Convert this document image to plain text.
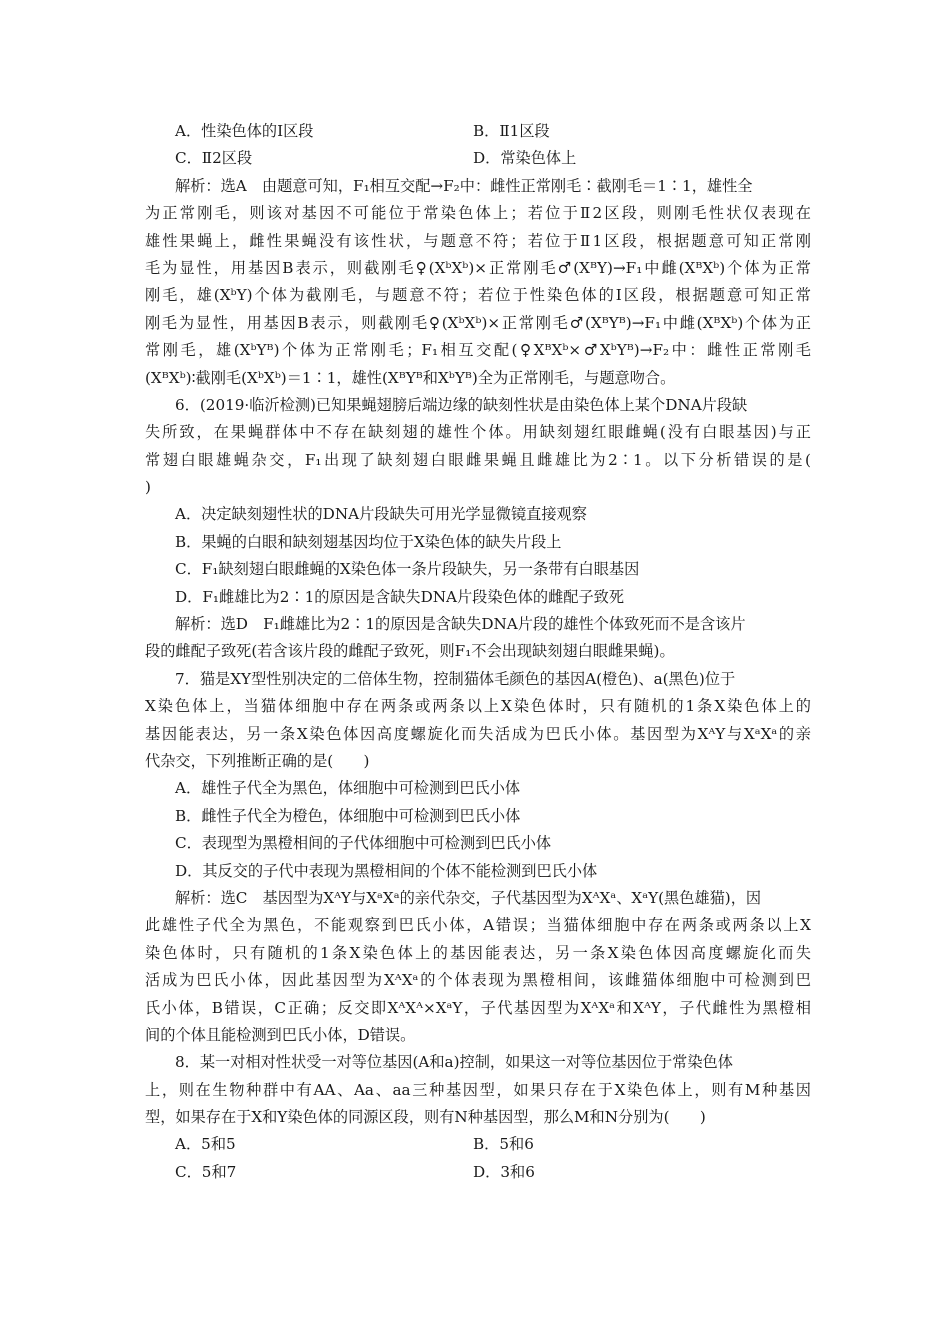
A．性染色体的Ⅰ区段	B．Ⅱ1区段
C．Ⅱ2区段	D．常染色体上
解析：选A　由题意可知，F₁相互交配→F₂中：雌性正常刚毛∶截刚毛＝1∶1，雄性全
为正常刚毛，则该对基因不可能位于常染色体上；若位于Ⅱ2区段，则刚毛性状仅表现在
雄性果蝇上，雌性果蝇没有该性状，与题意不符；若位于Ⅱ1区段，根据题意可知正常刚
毛为显性，用基因B表示，则截刚毛♀(XᵇXᵇ)×正常刚毛♂(XᴮY)→F₁中雌(XᴮXᵇ)个体为正常
刚毛，雄(XᵇY)个体为截刚毛，与题意不符；若位于性染色体的Ⅰ区段，根据题意可知正常
刚毛为显性，用基因B表示，则截刚毛♀(XᵇXᵇ)×正常刚毛♂(XᴮYᴮ)→F₁中雌(XᴮXᵇ)个体为正
常刚毛，雄(XᵇYᴮ)个体为正常刚毛；F₁相互交配(♀XᴮXᵇ×♂XᵇYᴮ)→F₂中：雌性正常刚毛
(XᴮXᵇ)∶截刚毛(XᵇXᵇ)＝1∶1，雄性(XᴮYᴮ和XᵇYᴮ)全为正常刚毛，与题意吻合。
6．(2019·临沂检测)已知果蝇翅膀后端边缘的缺刻性状是由染色体上某个DNA片段缺
失所致，在果蝇群体中不存在缺刻翅的雄性个体。用缺刻翅红眼雌蝇(没有白眼基因)与正
常翅白眼雄蝇杂交，F₁出现了缺刻翅白眼雌果蝇且雌雄比为2∶1。以下分析错误的是(
)
A．决定缺刻翅性状的DNA片段缺失可用光学显微镜直接观察
B．果蝇的白眼和缺刻翅基因均位于X染色体的缺失片段上
C．F₁缺刻翅白眼雌蝇的X染色体一条片段缺失，另一条带有白眼基因
D．F₁雌雄比为2∶1的原因是含缺失DNA片段染色体的雌配子致死
解析：选D　F₁雌雄比为2∶1的原因是含缺失DNA片段的雄性个体致死而不是含该片
段的雌配子致死(若含该片段的雌配子致死，则F₁不会出现缺刻翅白眼雌果蝇)。
7．猫是XY型性别决定的二倍体生物，控制猫体毛颜色的基因A(橙色)、a(黑色)位于
X染色体上，当猫体细胞中存在两条或两条以上X染色体时，只有随机的1条X染色体上的
基因能表达，另一条X染色体因高度螺旋化而失活成为巴氏小体。基因型为XᴬY与XᵃXᵃ的亲
代杂交，下列推断正确的是(　　)
A．雄性子代全为黑色，体细胞中可检测到巴氏小体
B．雌性子代全为橙色，体细胞中可检测到巴氏小体
C．表现型为黑橙相间的子代体细胞中可检测到巴氏小体
D．其反交的子代中表现为黑橙相间的个体不能检测到巴氏小体
解析：选C　基因型为XᴬY与XᵃXᵃ的亲代杂交，子代基因型为XᴬXᵃ、XᵃY(黑色雄猫)，因
此雄性子代全为黑色，不能观察到巴氏小体，A错误；当猫体细胞中存在两条或两条以上X
染色体时，只有随机的1条X染色体上的基因能表达，另一条X染色体因高度螺旋化而失
活成为巴氏小体，因此基因型为XᴬXᵃ的个体表现为黑橙相间，该雌猫体细胞中可检测到巴
氏小体，B错误，C正确；反交即XᴬXᴬ×XᵃY，子代基因型为XᴬXᵃ和XᴬY，子代雌性为黑橙相
间的个体且能检测到巴氏小体，D错误。
8．某一对相对性状受一对等位基因(A和a)控制，如果这一对等位基因位于常染色体
上，则在生物种群中有AA、Aa、aa三种基因型，如果只存在于X染色体上，则有M种基因
型，如果存在于X和Y染色体的同源区段，则有N种基因型，那么M和N分别为(　　)
A．5和5	B．5和6
C．5和7	D．3和6
